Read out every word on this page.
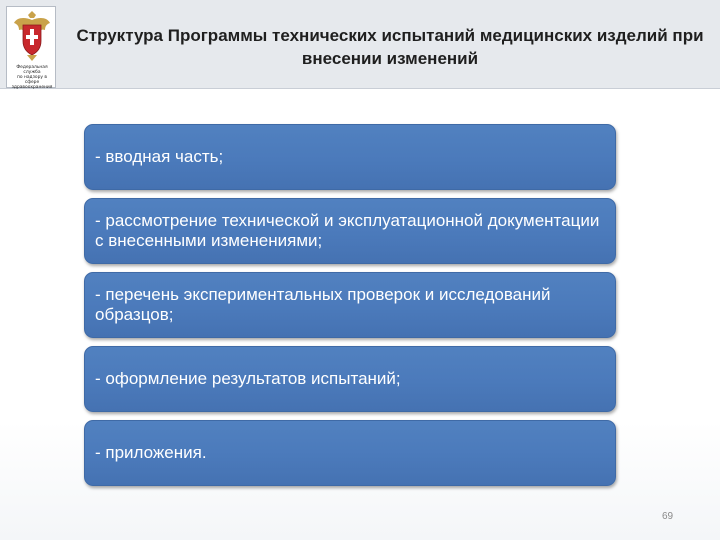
Федеральная служба
по надзору в сфере
здравоохранения
Структура Программы технических испытаний медицинских изделий при внесении изменений
- вводная часть;
- рассмотрение технической и эксплуатационной документации с внесенными изменениями;
- перечень экспериментальных проверок и исследований образцов;
- оформление результатов испытаний;
- приложения.
69
